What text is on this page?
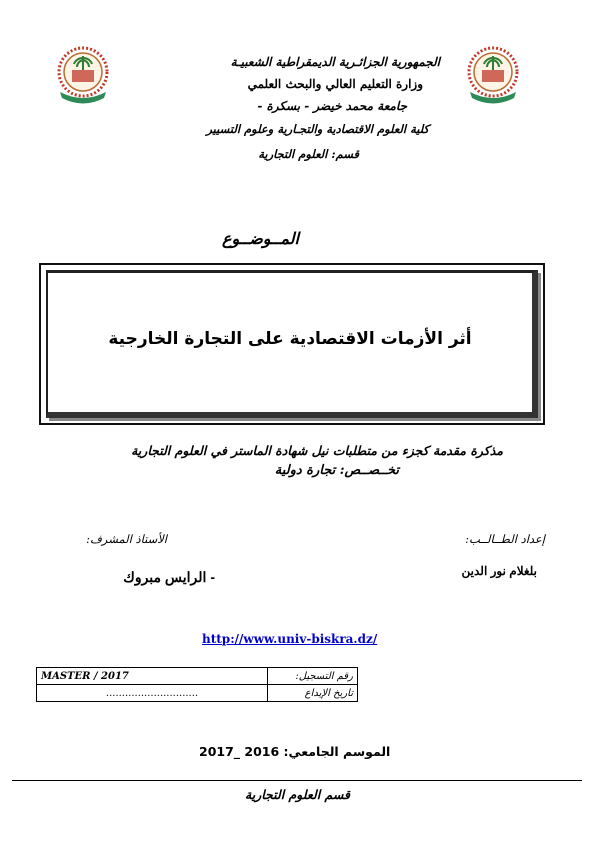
الجمهورية الجزائـرية الديمقراطية الشعبيـة
وزارة التعليم العالي والبحث العلمي
جامعة محمد خيضر - بسكرة -
كلية العلوم الاقتصادية والتجـارية وعلوم التسيير
قسم: العلوم التجارية
المــوضــوع
أثر الأزمات الاقتصادية على التجارة الخارجية
مذكرة مقدمة كجزء من متطلبات نيل شهادة الماستر في العلوم التجارية
تخــصــص: تجارة دولية
إعداد الطــالــب:
بلغلام نور الدين
الأستاذ المشرف:
- الرايس مبروك
http://www.univ-biskra.dz/
MASTER / 2017	رقم التسجيل:
.............................	تاريخ الإيداع
الموسم الجامعي: 2016 _2017
قسم العلوم التجارية
